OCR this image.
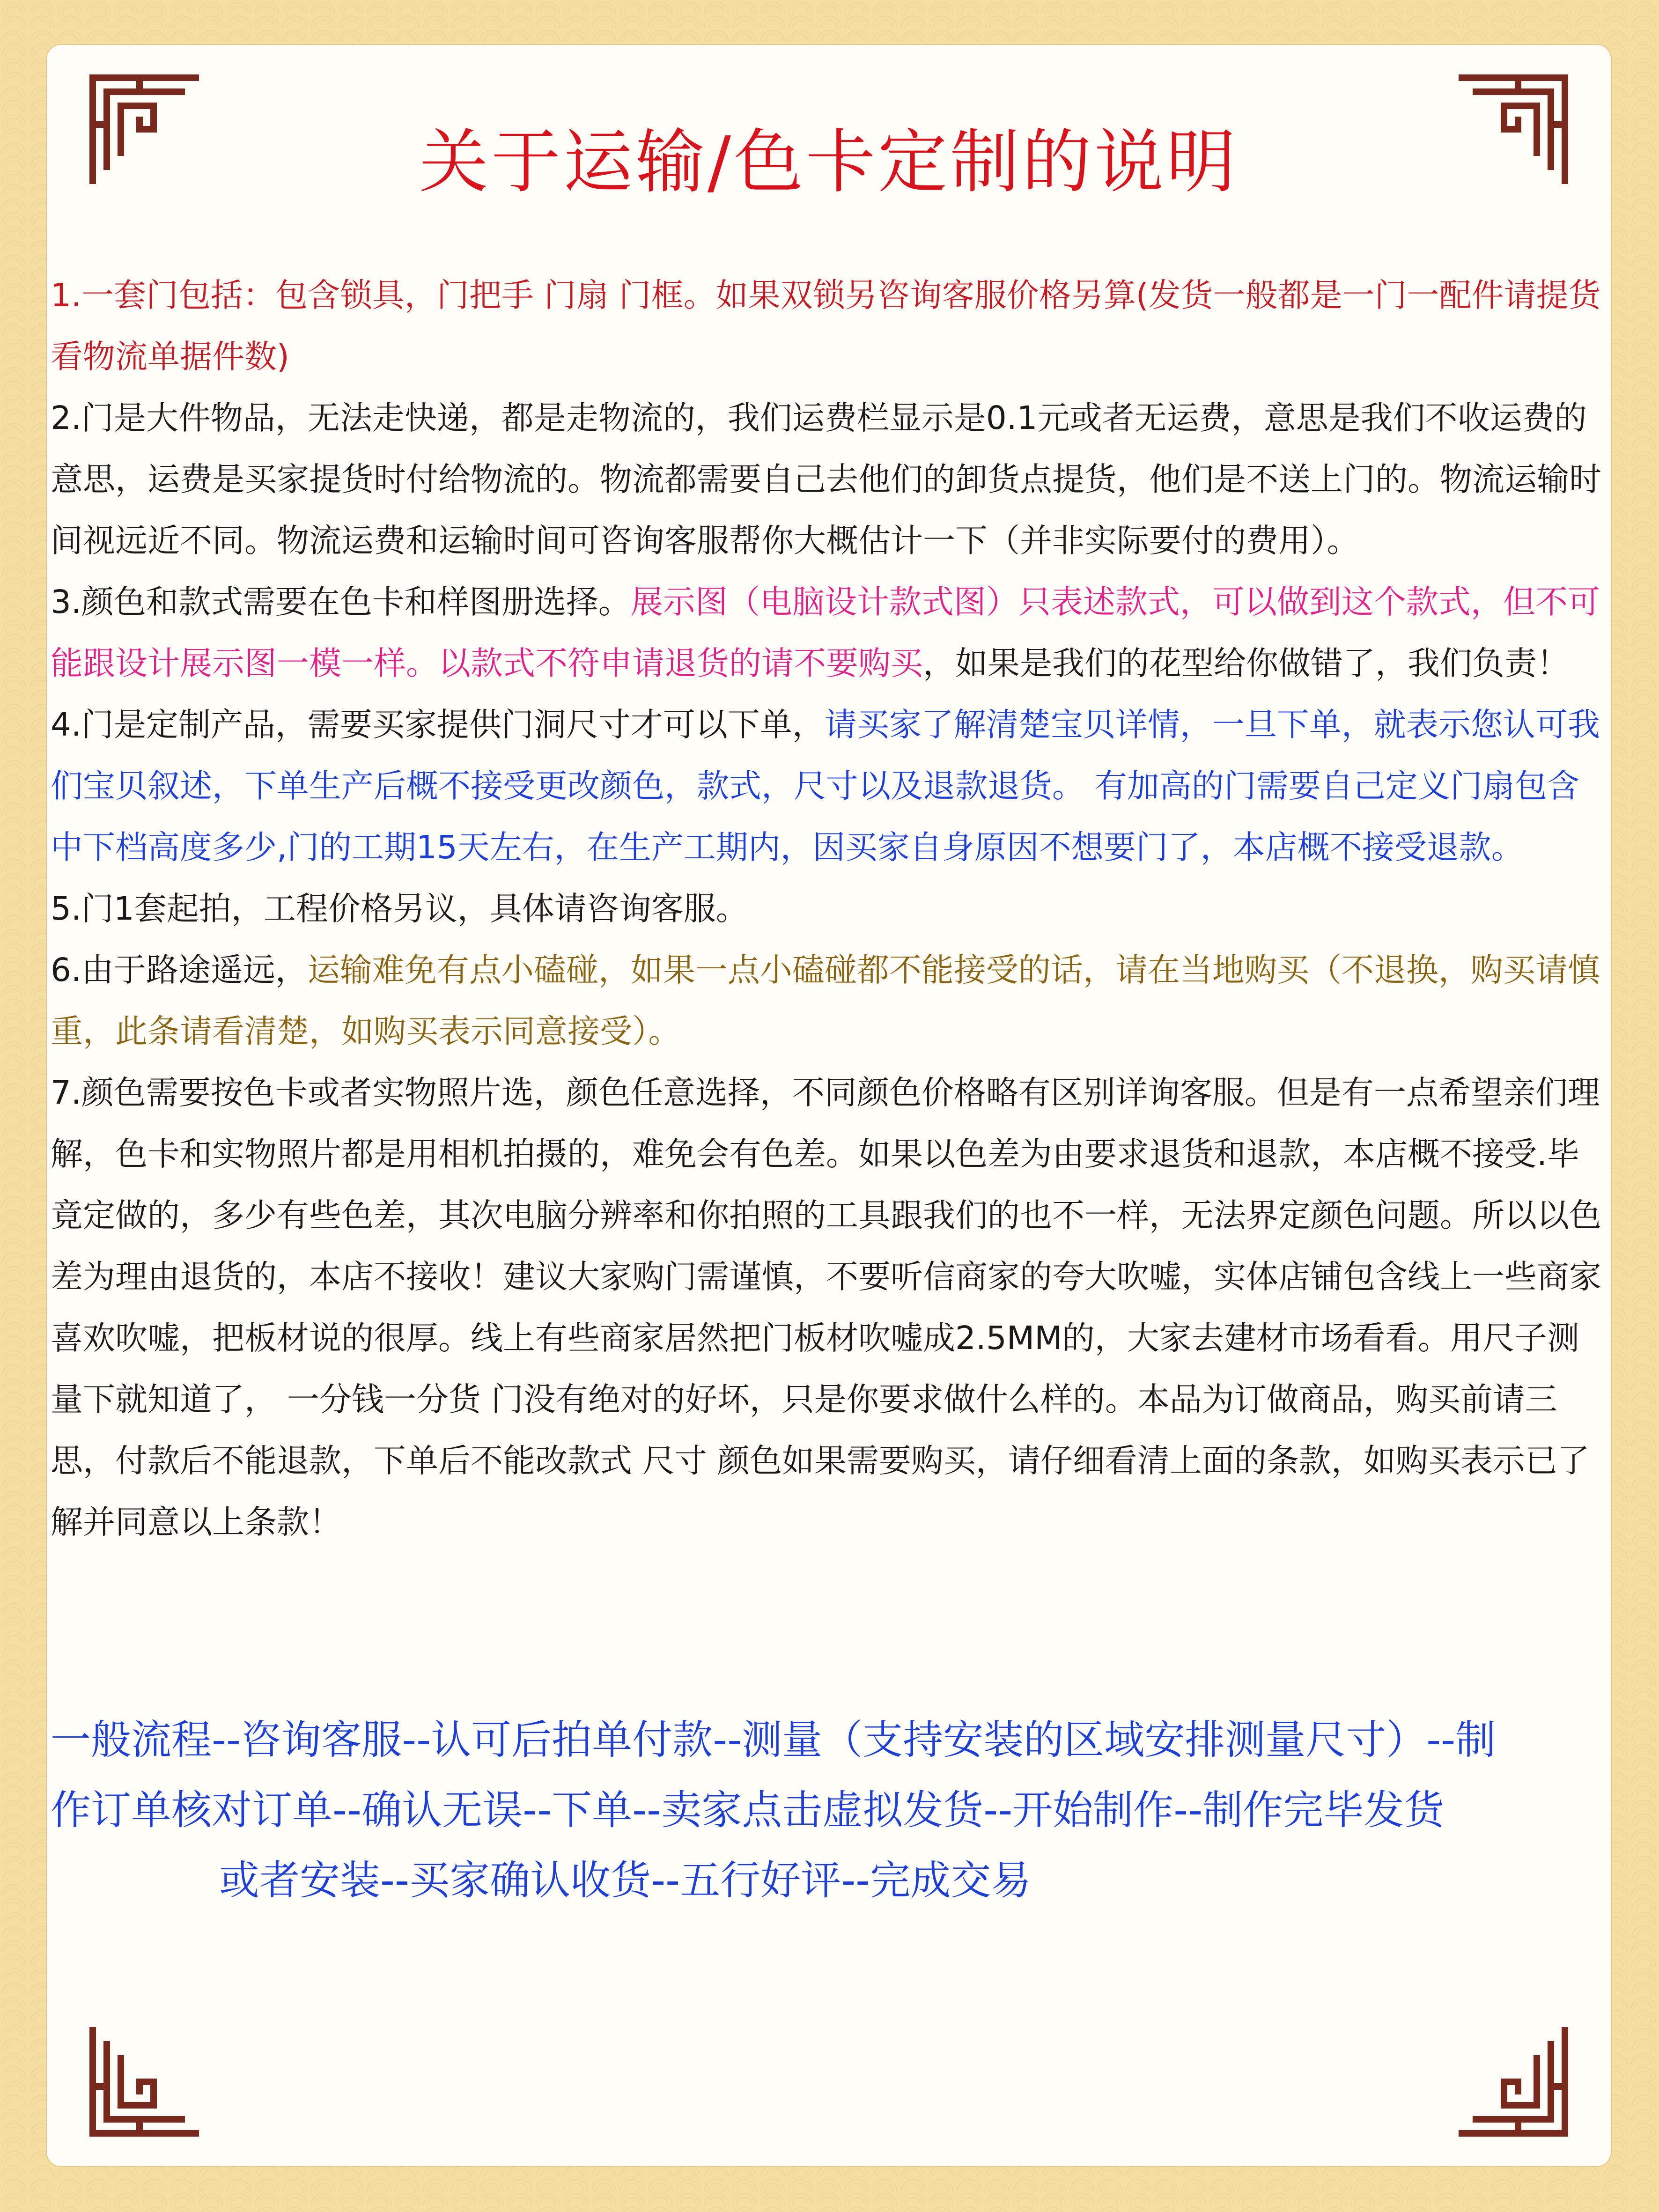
关于运输/色卡定制的说明

1.一套门包括：包含锁具，门把手 门扇 门框。如果双锁另咨询客服价格另算(发货一般都是一门一配件请提货看物流单据件数)

2.门是大件物品，无法走快递，都是走物流的，我们运费栏显示是0.1元或者无运费，意思是我们不收运费的意思，运费是买家提货时付给物流的。物流都需要自己去他们的卸货点提货，他们是不送上门的。物流运输时间视远近不同。物流运费和运输时间可咨询客服帮你大概估计一下（并非实际要付的费用）。

3.颜色和款式需要在色卡和样图册选择。展示图（电脑设计款式图）只表述款式，可以做到这个款式，但不可能跟设计展示图一模一样。以款式不符申请退货的请不要购买，如果是我们的花型给你做错了，我们负责！

4.门是定制产品，需要买家提供门洞尺寸才可以下单，请买家了解清楚宝贝详情，一旦下单，就表示您认可我们宝贝叙述，下单生产后概不接受更改颜色，款式，尺寸以及退款退货。 有加高的门需要自己定义门扇包含中下档高度多少,门的工期15天左右，在生产工期内，因买家自身原因不想要门了，本店概不接受退款。

5.门1套起拍，工程价格另议，具体请咨询客服。

6.由于路途遥远，运输难免有点小磕碰，如果一点小磕碰都不能接受的话，请在当地购买（不退换，购买请慎重，此条请看清楚，如购买表示同意接受）。

7.颜色需要按色卡或者实物照片选，颜色任意选择，不同颜色价格略有区别详询客服。但是有一点希望亲们理解，色卡和实物照片都是用相机拍摄的，难免会有色差。如果以色差为由要求退货和退款，本店概不接受.毕竟定做的，多少有些色差，其次电脑分辨率和你拍照的工具跟我们的也不一样，无法界定颜色问题。所以以色差为理由退货的，本店不接收！建议大家购门需谨慎，不要听信商家的夸大吹嘘，实体店铺包含线上一些商家喜欢吹嘘，把板材说的很厚。线上有些商家居然把门板材吹嘘成2.5MM的，大家去建材市场看看。用尺子测量下就知道了， 一分钱一分货 门没有绝对的好坏，只是你要求做什么样的。本品为订做商品，购买前请三思，付款后不能退款，下单后不能改款式 尺寸 颜色如果需要购买，请仔细看清上面的条款，如购买表示已了解并同意以上条款！

一般流程--咨询客服--认可后拍单付款--测量（支持安装的区域安排测量尺寸）--制

作订单核对订单--确认无误--下单--卖家点击虚拟发货--开始制作--制作完毕发货

或者安装--买家确认收货--五行好评--完成交易
